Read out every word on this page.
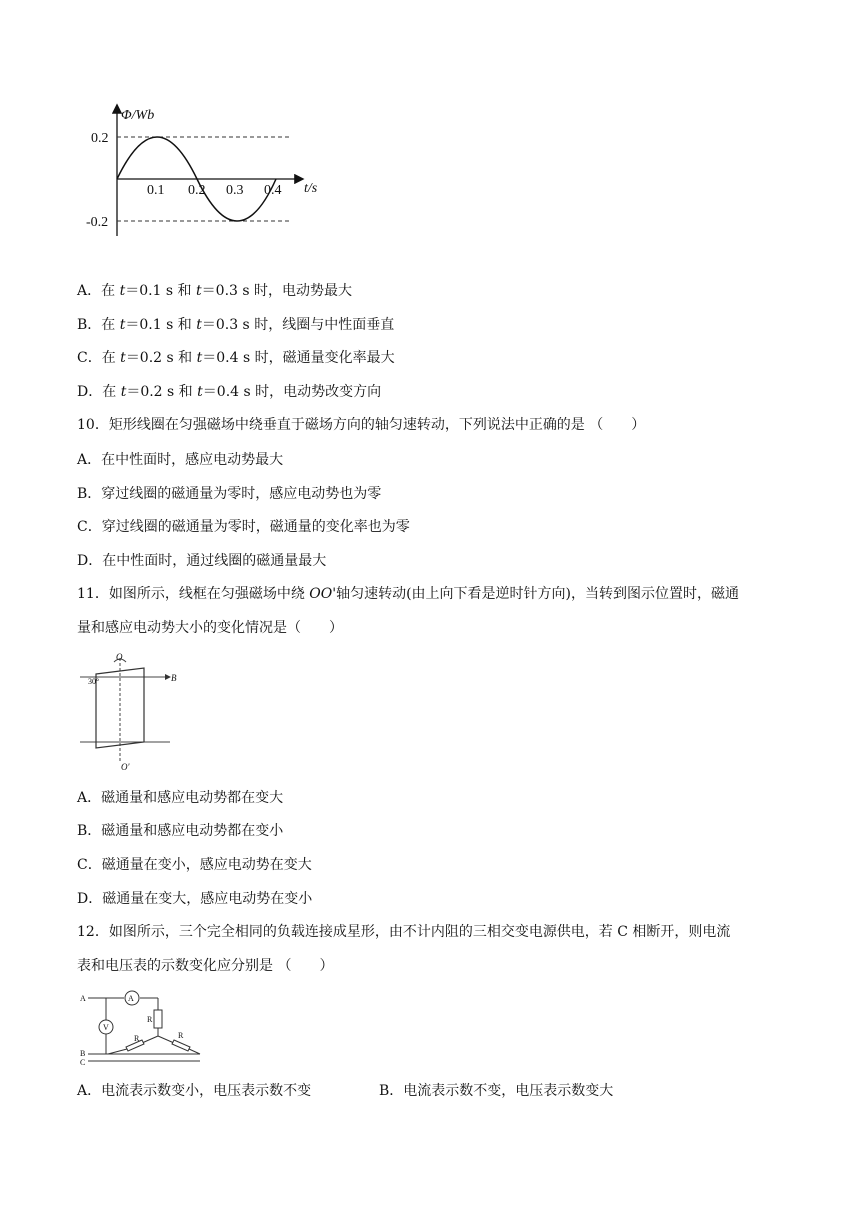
Φ/Wb
t/s
0.2
-0.2
0.1 0.2 0.3 0.4
A．在 t＝0.1 s 和 t＝0.3 s 时，电动势最大
B．在 t＝0.1 s 和 t＝0.3 s 时，线圈与中性面垂直
C．在 t＝0.2 s 和 t＝0.4 s 时，磁通量变化率最大
D．在 t＝0.2 s 和 t＝0.4 s 时，电动势改变方向
10．矩形线圈在匀强磁场中绕垂直于磁场方向的轴匀速转动，下列说法中正确的是 （　　）
A．在中性面时，感应电动势最大
B．穿过线圈的磁通量为零时，感应电动势也为零
C．穿过线圈的磁通量为零时，磁通量的变化率也为零
D．在中性面时，通过线圈的磁通量最大
11．如图所示，线框在匀强磁场中绕 OO'轴匀速转动(由上向下看是逆时针方向)，当转到图示位置时，磁通
量和感应电动势大小的变化情况是（　　）
O
O'
B
30°
A．磁通量和感应电动势都在变大
B．磁通量和感应电动势都在变小
C．磁通量在变小，感应电动势在变大
D．磁通量在变大，感应电动势在变小
12．如图所示，三个完全相同的负载连接成星形，由不计内阻的三相交变电源供电，若 C 相断开，则电流
表和电压表的示数变化应分别是 （　　）
A
R
R	R
V
A
B
C
A．电流表示数变小，电压表示数不变	B．电流表示数不变，电压表示数变大
